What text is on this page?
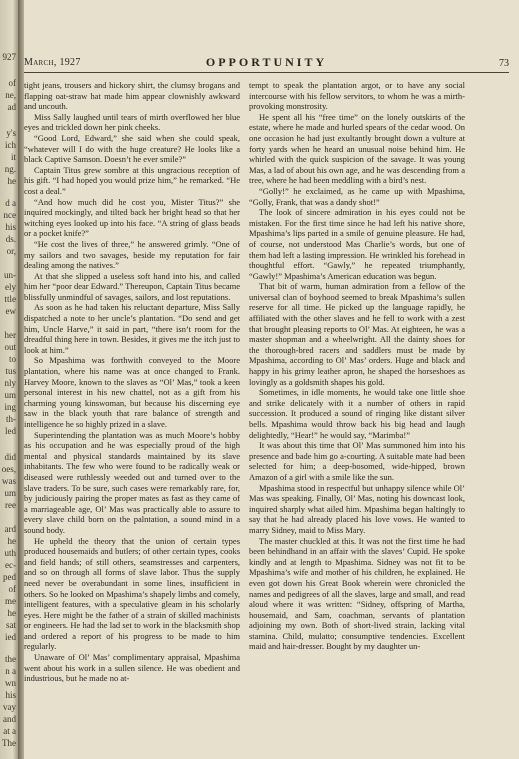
927
of
ne,
ad
y's
ich
it
ng.
he
d a
nce
his
ds.
or,
un-
ely
ttle
ew
her
out
to
tus
nly
um
ing
th-
led
did
oes,
was
um
ree
ard
he
uth
ec-
ped
of
me
he
sat
ied
the
n a
wn
his
vay
and
at a
The
March, 1927	OPPORTUNITY	73

tight jeans, trousers and hickory shirt, the clumsy brogans and flapping oat-straw hat made him appear clownishly awkward and uncouth.

Miss Sally laughed until tears of mirth overflowed her blue eyes and trickled down her pink cheeks.

“Good Lord, Edward,” she said when she could speak, “whatever will I do with the huge creature? He looks like a black Captive Samson. Doesn’t he ever smile?”

Captain Titus grew sombre at this ungracious reception of his gift. “I had hoped you would prize him,” he remarked. “He cost a deal.”

“And how much did he cost you, Mister Titus?” she inquired mockingly, and tilted back her bright head so that her witching eyes looked up into his face. “A string of glass beads or a pocket knife?”

“He cost the lives of three,” he answered grimly. “One of my sailors and two savages, beside my reputation for fair dealing among the natives.”

At that she slipped a useless soft hand into his, and called him her “poor dear Edward.” Thereupon, Captain Titus became blissfully unmindful of savages, sailors, and lost reputations.

As soon as he had taken his reluctant departure, Miss Sally dispatched a note to her uncle’s plantation. “Do send and get him, Uncle Harve,” it said in part, “there isn’t room for the dreadful thing here in town. Besides, it gives me the itch just to look at him.”

So Mpashima was forthwith conveyed to the Moore plantation, where his name was at once changed to Frank. Harvey Moore, known to the slaves as “Ol’ Mas,” took a keen personal interest in his new chattel, not as a gift from his charming young kinswoman, but because his discerning eye saw in the black youth that rare balance of strength and intelligence he so highly prized in a slave.

Superintending the plantation was as much Moore’s hobby as his occupation and he was especially proud of the high mental and physical standards maintained by its slave inhabitants. The few who were found to be radically weak or diseased were ruthlessly weeded out and turned over to the slave traders. To be sure, such cases were remarkably rare, for, by judiciously pairing the proper mates as fast as they came of a marriageable age, Ol’ Mas was practically able to assure to every slave child born on the palntation, a sound mind in a sound body.

He upheld the theory that the union of certain types produced housemaids and butlers; of other certain types, cooks and field hands; of still others, seamstresses and carpenters, and so on through all forms of slave labor. Thus the supply need never be overabundant in some lines, insufficient in others. So he looked on Mpashima’s shapely limbs and comely, intelligent features, with a speculative gleam in his scholarly eyes. Here might be the father of a strain of skilled machinists or engineers. He had the lad set to work in the blacksmith shop and ordered a report of his progress to be made to him regularly.

Unaware of Ol’ Mas’ complimentary appraisal, Mpashima went about his work in a sullen silence. He was obedient and industrious, but he made no at-

tempt to speak the plantation argot, or to have any social intercourse with his fellow servitors, to whom he was a mirth-provoking monstrosity.

He spent all his “free time” on the lonely outskirts of the estate, where he made and hurled spears of the cedar wood. On one occasion he had just exultantly brought down a vulture at forty yards when he heard an unusual noise behind him. He whirled with the quick suspicion of the savage. It was young Mas, a lad of about his own age, and he was descending from a tree, where he had been meddling with a bird’s nest.

“Golly!” he exclaimed, as he came up with Mpashima, “Golly, Frank, that was a dandy shot!”

The look of sincere admiration in his eyes could not be mistaken. For the first time since he had left his native shore, Mpashima’s lips parted in a smile of genuine pleasure. He had, of course, not understood Mas Charlie’s words, but one of them had left a lasting impression. He wrinkled his forehead in thoughtful effort. “Gawly,” he repeated triumphantly, “Gawly!” Mpashima’s American education was begun.

That bit of warm, human admiration from a fellow of the universal clan of boyhood seemed to break Mpashima’s sullen reserve for all time. He picked up the language rapidly, he affiliated with the other slaves and he fell to work with a zest that brought pleasing reports to Ol’ Mas. At eighteen, he was a master shopman and a wheelwright. All the dainty shoes for the thorough-bred racers and saddlers must be made by Mpashima, according to Ol’ Mas’ orders. Huge and black and happy in his grimy leather apron, he shaped the horseshoes as lovingly as a goldsmith shapes his gold.

Sometimes, in idle moments, he would take one little shoe and strike delicately with it a number of others in rapid succession. It produced a sound of ringing like distant silver bells. Mpashima would throw back his big head and laugh delightedly, “Hear!” he would say, “Marimba!”

It was about this time that Ol’ Mas summoned him into his presence and bade him go a-courting. A suitable mate had been selected for him; a deep-bosomed, wide-hipped, brown Amazon of a girl with a smile like the sun.

Mpashima stood in respectful but unhappy silence while Ol’ Mas was speaking. Finally, Ol’ Mas, noting his downcast look, inquired sharply what ailed him. Mpashima began haltingly to say that he had already placed his love vows. He wanted to marry Sidney, maid to Miss Mary.

The master chuckled at this. It was not the first time he had been behindhand in an affair with the slaves’ Cupid. He spoke kindly and at length to Mpashima. Sidney was not fit to be Mpashima’s wife and mother of his children, he explained. He even got down his Great Book wherein were chronicled the names and pedigrees of all the slaves, large and small, and read aloud where it was written: “Sidney, offspring of Martha, housemaid, and Sam, coachman, servants of plantation adjoining my own. Both of short-lived strain, lacking vital stamina. Child, mulatto; consumptive tendencies. Excellent maid and hair-dresser. Bought by my daughter un-
